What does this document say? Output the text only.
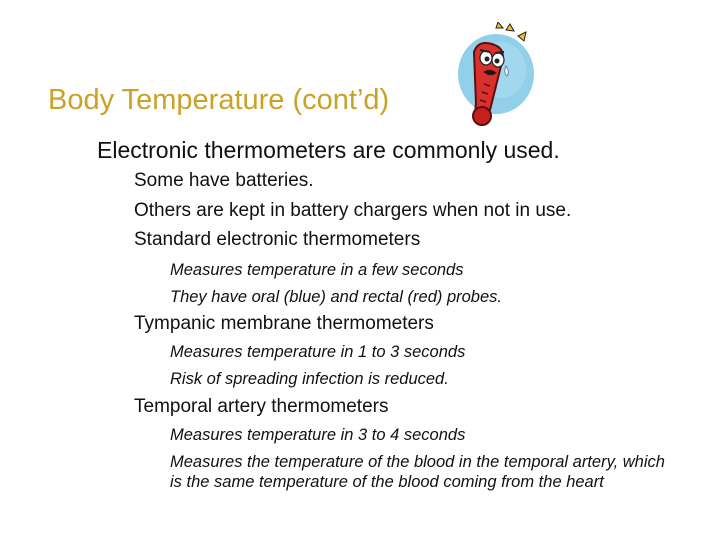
Body Temperature (cont’d)
Electronic thermometers are commonly used.
Some have batteries.
Others are kept in battery chargers when not in use.
Standard electronic thermometers
Measures temperature in a few seconds
They have oral (blue) and rectal (red) probes.
Tympanic membrane thermometers
Measures temperature in 1 to 3 seconds
Risk of spreading infection is reduced.
Temporal artery thermometers
Measures temperature in 3 to 4 seconds
Measures the temperature of the blood in the temporal artery, which is the same temperature of the blood coming from the heart
